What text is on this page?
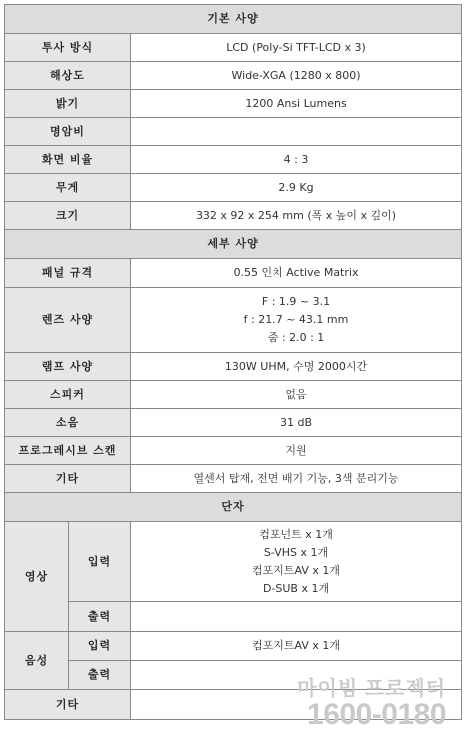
기본 사양		
투사 방식		LCD (Poly-Si TFT-LCD x 3)
해상도		Wide-XGA (1280 x 800)
밝기		1200 Ansi Lumens
명암비		
화면 비율		4 : 3
무게		2.9 Kg
크기		332 x 92 x 254 mm (폭 x 높이 x 깊이)
세부 사양		
패널 규격		0.55 인치 Active Matrix
렌즈 사양		F : 1.9 ~ 3.1
f : 21.7 ~ 43.1 mm
줌 : 2.0 : 1

램프 사양		130W UHM, 수명 2000시간
스피커		없음
소음		31 dB
프로그레시브 스캔		지원
기타		열센서 탑재, 전면 배기 기능, 3색 분리기능
단자		
영상	입력	컴포넌트 x 1개
S-VHS x 1개
컴포지트AV x 1개
D-SUB x 1개

	출력	
음성	입력	컴포지트AV x 1개
	출력	
기타		
마이빔 프로젝터
1600-0180
